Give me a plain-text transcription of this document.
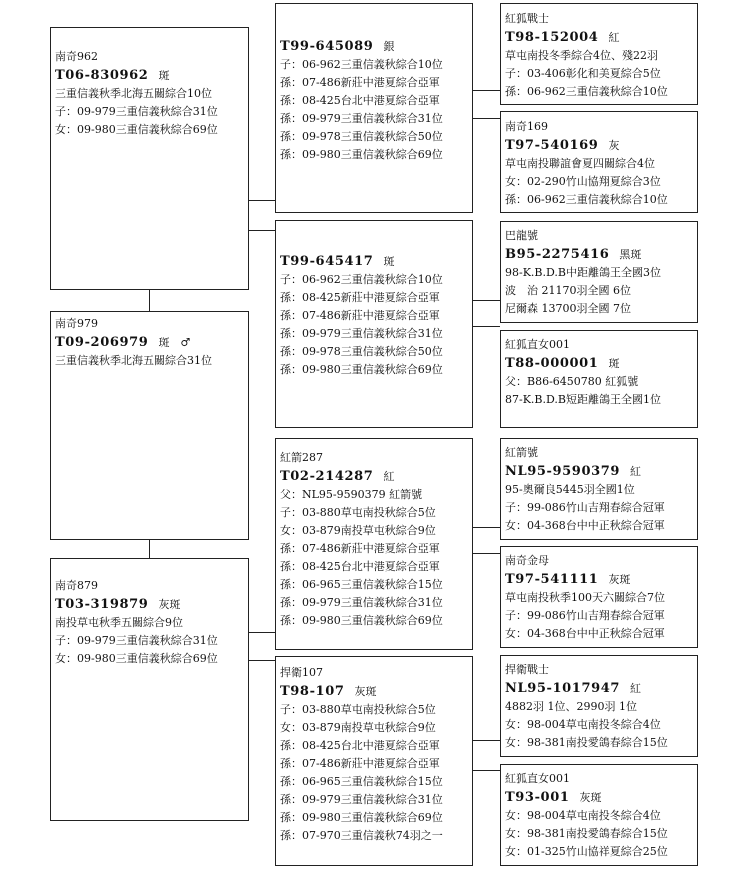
南奇962
T06-830962 斑
三重信義秋季北海五關綜合10位
子：09-979三重信義秋綜合31位
女：09-980三重信義秋綜合69位
南奇979
T09-206979 斑　♂
三重信義秋季北海五關綜合31位
南奇879
T03-319879 灰斑
南投草屯秋季五關綜合9位
子：09-979三重信義秋綜合31位
女：09-980三重信義秋綜合69位
T99-645089 銀
子：06-962三重信義秋綜合10位
孫：07-486新莊中港夏綜合亞軍
孫：08-425台北中港夏綜合亞軍
孫：09-979三重信義秋綜合31位
孫：09-978三重信義秋綜合50位
孫：09-980三重信義秋綜合69位
T99-645417 斑
子：06-962三重信義秋綜合10位
孫：08-425新莊中港夏綜合亞軍
孫：07-486新莊中港夏綜合亞軍
孫：09-979三重信義秋綜合31位
孫：09-978三重信義秋綜合50位
孫：09-980三重信義秋綜合69位
紅箭287
T02-214287 紅
父：NL95-9590379 紅箭號
子：03-880草屯南投秋綜合5位
女：03-879南投草屯秋綜合9位
孫：07-486新莊中港夏綜合亞軍
孫：08-425台北中港夏綜合亞軍
孫：06-965三重信義秋綜合15位
孫：09-979三重信義秋綜合31位
孫：09-980三重信義秋綜合69位
捍衛107
T98-107 灰斑
子：03-880草屯南投秋綜合5位
女：03-879南投草屯秋綜合9位
孫：08-425台北中港夏綜合亞軍
孫：07-486新莊中港夏綜合亞軍
孫：06-965三重信義秋綜合15位
孫：09-979三重信義秋綜合31位
孫：09-980三重信義秋綜合69位
孫：07-970三重信義秋74羽之一
紅狐戰士
T98-152004 紅
草屯南投冬季綜合4位、殘22羽
子：03-406彰化和美夏綜合5位
孫：06-962三重信義秋綜合10位
南奇169
T97-540169 灰
草屯南投聯誼會夏四關綜合4位
女：02-290竹山協翔夏綜合3位
孫：06-962三重信義秋綜合10位
巴龍號
B95-2275416 黑斑
98-K.B.D.B中距離鴿王全國3位
波　治 21170羽全國 6位
尼爾森 13700羽全國 7位
紅狐直女001
T88-000001 斑
父：B86-6450780 紅狐號
87-K.B.D.B短距離鴿王全國1位
紅箭號
NL95-9590379 紅
95-奧爾良5445羽全國1位
子：99-086竹山吉翔春綜合冠軍
女：04-368台中中正秋綜合冠軍
南奇金母
T97-541111 灰斑
草屯南投秋季100天六關綜合7位
子：99-086竹山吉翔春綜合冠軍
女：04-368台中中正秋綜合冠軍
捍衛戰士
NL95-1017947 紅
4882羽 1位、2990羽 1位
女：98-004草屯南投冬綜合4位
女：98-381南投愛鴿春綜合15位
紅狐直女001
T93-001 灰斑
女：98-004草屯南投冬綜合4位
女：98-381南投愛鴿春綜合15位
女：01-325竹山協祥夏綜合25位
